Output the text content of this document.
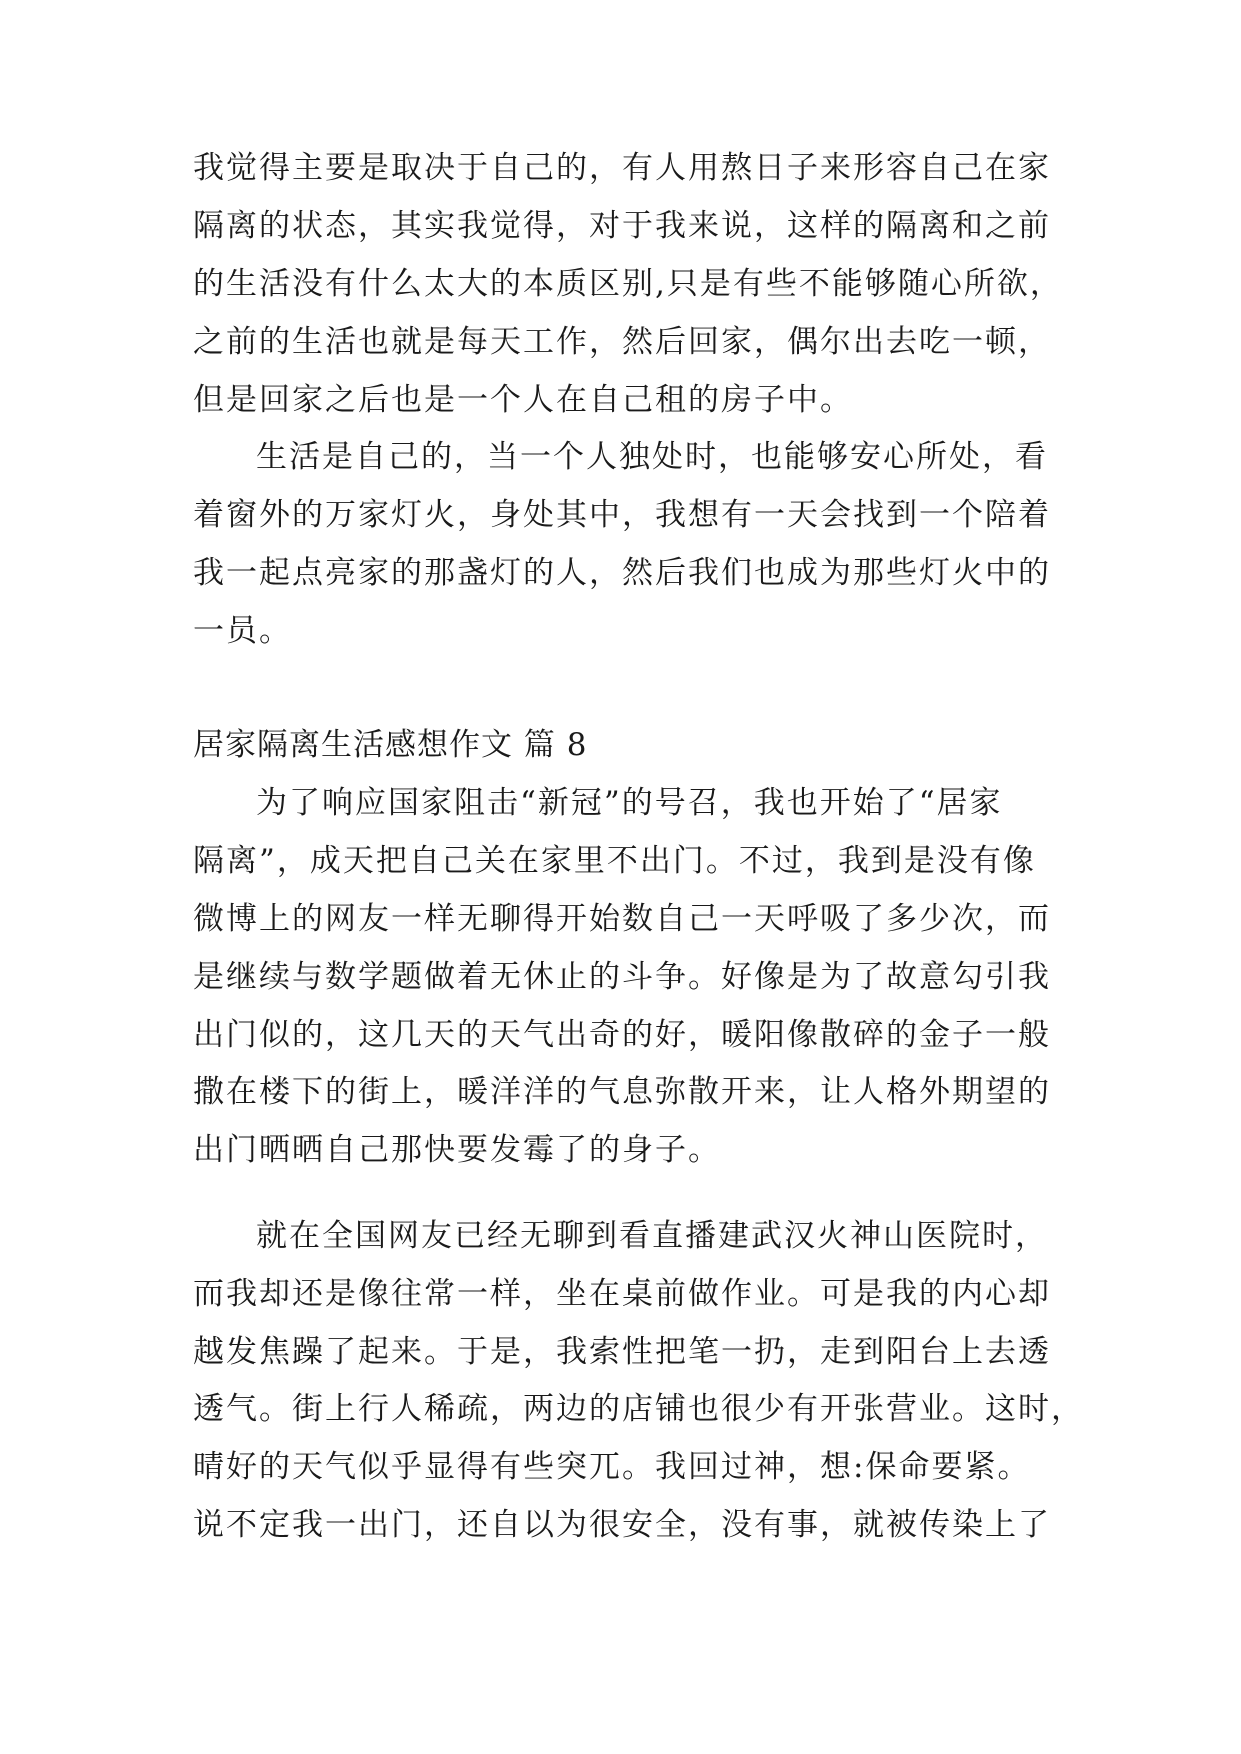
我觉得主要是取决于自己的，有人用熬日子来形容自己在家
隔离的状态，其实我觉得，对于我来说，这样的隔离和之前
的生活没有什么太大的本质区别,只是有些不能够随心所欲，
之前的生活也就是每天工作，然后回家，偶尔出去吃一顿，
但是回家之后也是一个人在自己租的房子中。
生活是自己的，当一个人独处时，也能够安心所处，看
着窗外的万家灯火，身处其中，我想有一天会找到一个陪着
我一起点亮家的那盏灯的人，然后我们也成为那些灯火中的
一员。
居家隔离生活感想作文 篇 8
为了响应国家阻击“新冠”的号召，我也开始了“居家
隔离”，成天把自己关在家里不出门。不过，我到是没有像
微博上的网友一样无聊得开始数自己一天呼吸了多少次，而
是继续与数学题做着无休止的斗争。好像是为了故意勾引我
出门似的，这几天的天气出奇的好，暖阳像散碎的金子一般
撒在楼下的街上，暖洋洋的气息弥散开来，让人格外期望的
出门晒晒自己那快要发霉了的身子。
就在全国网友已经无聊到看直播建武汉火神山医院时，
而我却还是像往常一样，坐在桌前做作业。可是我的内心却
越发焦躁了起来。于是，我索性把笔一扔，走到阳台上去透
透气。街上行人稀疏，两边的店铺也很少有开张营业。这时，
晴好的天气似乎显得有些突兀。我回过神，想:保命要紧。
说不定我一出门，还自以为很安全，没有事，就被传染上了
